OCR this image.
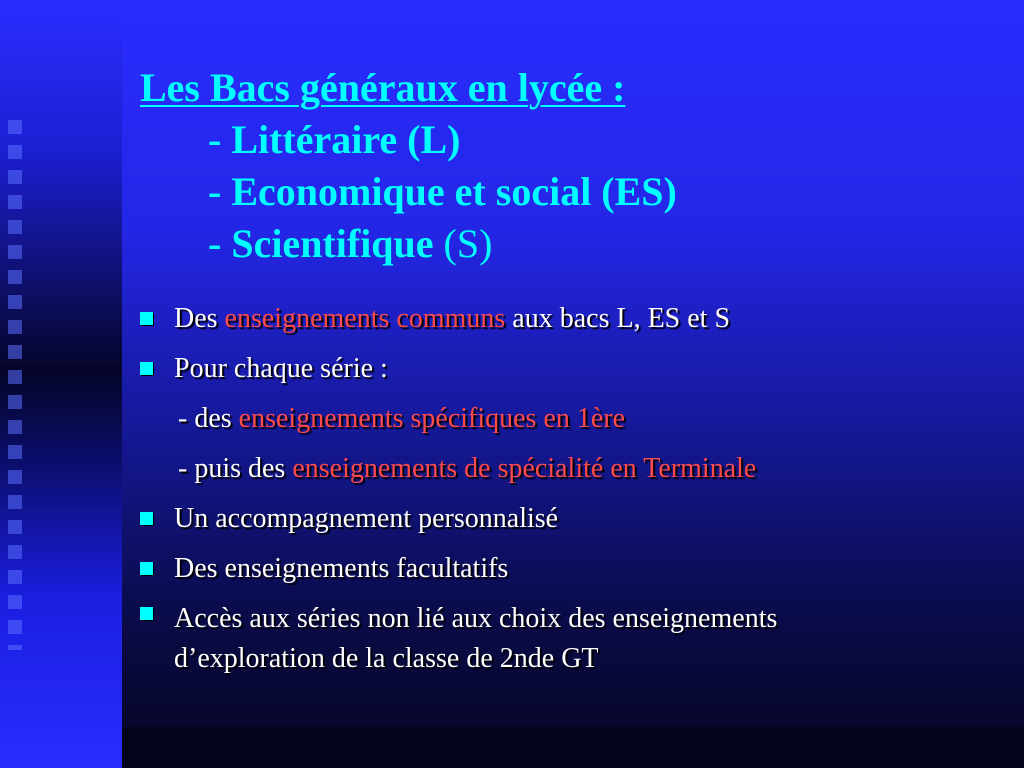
Les Bacs généraux en lycée :
- Littéraire (L)
- Economique et social (ES)
- Scientifique (S)
Des enseignements communs aux bacs L, ES et S
Pour chaque série :
- des enseignements spécifiques en 1ère
- puis des enseignements de spécialité en Terminale
Un accompagnement personnalisé
Des enseignements facultatifs
Accès aux séries non lié aux choix des enseignements
d’exploration de la classe de 2nde GT
